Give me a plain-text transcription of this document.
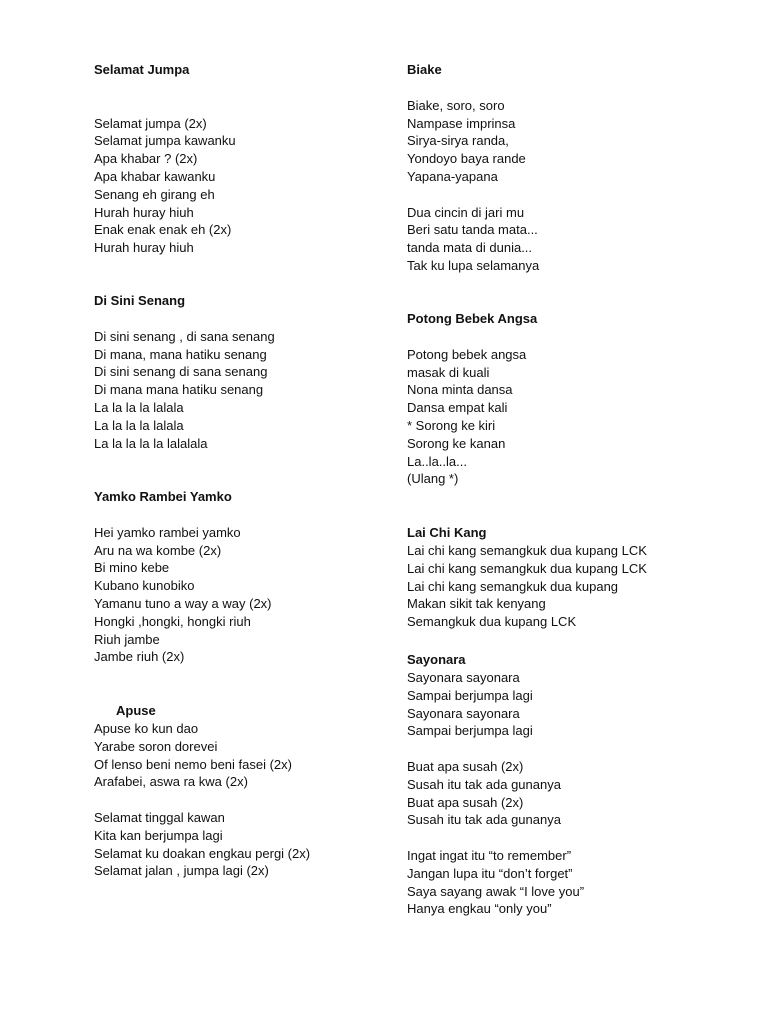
Selamat Jumpa
Selamat jumpa (2x)
Selamat jumpa kawanku
Apa khabar ? (2x)
Apa khabar kawanku
Senang eh girang eh
Hurah huray hiuh
Enak enak enak eh (2x)
Hurah huray hiuh
Di Sini Senang
Di sini senang , di sana senang
Di mana, mana hatiku senang
Di sini senang di sana senang
Di mana mana hatiku senang
La la la la lalala
La la la la lalala
La la la la la lalalala
Yamko Rambei Yamko
Hei yamko rambei yamko
Aru na wa kombe (2x)
Bi mino kebe
Kubano kunobiko
Yamanu tuno a way a way (2x)
Hongki ,hongki, hongki riuh
Riuh jambe
Jambe riuh (2x)
Apuse
Apuse ko kun dao
Yarabe soron dorevei
Of lenso beni nemo beni fasei (2x)
Arafabei, aswa ra kwa (2x)
Selamat tinggal kawan
Kita kan berjumpa lagi
Selamat ku doakan engkau pergi (2x)
Selamat jalan , jumpa lagi (2x)
Biake
Biake, soro, soro
Nampase imprinsa
Sirya-sirya randa,
Yondoyo baya rande
Yapana-yapana
Dua cincin di jari mu
Beri satu tanda mata...
tanda mata di dunia...
Tak ku lupa selamanya
Potong Bebek Angsa
Potong bebek angsa
masak di kuali
Nona minta dansa
Dansa empat kali
* Sorong ke kiri
Sorong ke kanan
La..la..la...
(Ulang *)
Lai Chi Kang
Lai chi kang semangkuk dua kupang LCK
Lai chi kang semangkuk dua kupang LCK
Lai chi kang semangkuk dua kupang
Makan sikit tak kenyang
Semangkuk dua kupang LCK
Sayonara
Sayonara sayonara
Sampai berjumpa lagi
Sayonara sayonara
Sampai berjumpa lagi
Buat apa susah (2x)
Susah itu tak ada gunanya
Buat apa susah (2x)
Susah itu tak ada gunanya
Ingat ingat itu “to remember”
Jangan lupa itu “don’t forget”
Saya sayang awak “I love you”
Hanya engkau “only you”
